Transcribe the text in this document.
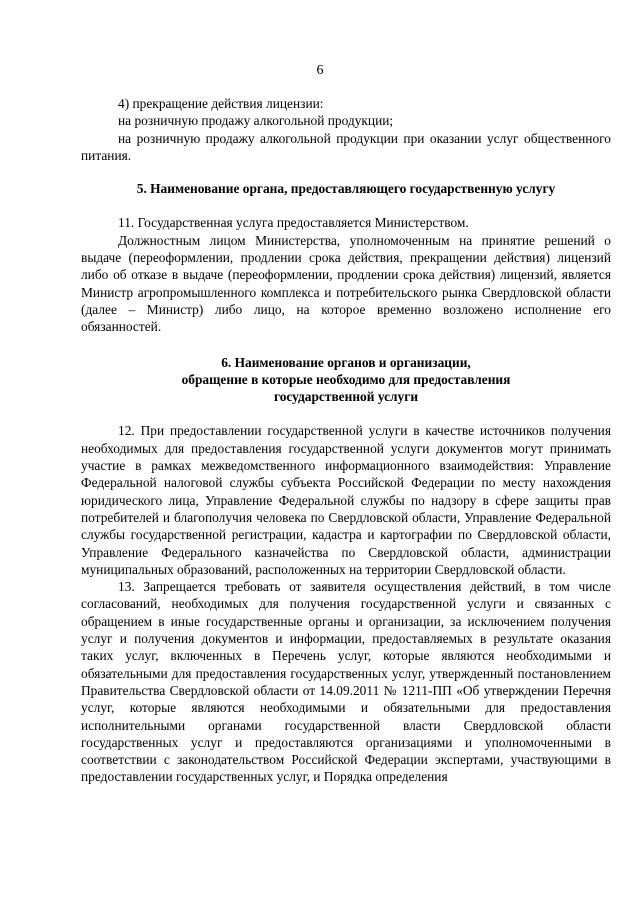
6

4) прекращение действия лицензии:

на розничную продажу алкогольной продукции;

на розничную продажу алкогольной продукции при оказании услуг общественного питания.

5. Наименование органа, предоставляющего государственную услугу

11. Государственная услуга предоставляется Министерством.

Должностным лицом Министерства, уполномоченным на принятие решений о выдаче (переоформлении, продлении срока действия, прекращении действия) лицензий либо об отказе в выдаче (переоформлении, продлении срока действия) лицензий, является Министр агропромышленного комплекса и потребительского рынка Свердловской области (далее – Министр) либо лицо, на которое временно возложено исполнение его обязанностей.

6. Наименование органов и организации,

обращение в которые необходимо для предоставления

государственной услуги

12. При предоставлении государственной услуги в качестве источников получения необходимых для предоставления государственной услуги документов могут принимать участие в рамках межведомственного информационного взаимодействия: Управление Федеральной налоговой службы субъекта Российской Федерации по месту нахождения юридического лица, Управление Федеральной службы по надзору в сфере защиты прав потребителей и благополучия человека по Свердловской области, Управление Федеральной службы государственной регистрации, кадастра и картографии по Свердловской области, Управление Федерального казначейства по Свердловской области, администрации муниципальных образований, расположенных на территории Свердловской области.

13. Запрещается требовать от заявителя осуществления действий, в том числе согласований, необходимых для получения государственной услуги и связанных с обращением в иные государственные органы и организации, за исключением получения услуг и получения документов и информации, предоставляемых в результате оказания таких услуг, включенных в Перечень услуг, которые являются необходимыми и обязательными для предоставления государственных услуг, утвержденный постановлением Правительства Свердловской области от 14.09.2011 № 1211-ПП «Об утверждении Перечня услуг, которые являются необходимыми и обязательными для предоставления исполнительными органами государственной власти Свердловской области государственных услуг и предоставляются организациями и уполномоченными в соответствии с законодательством Российской Федерации экспертами, участвующими в предоставлении государственных услуг, и Порядка определения
